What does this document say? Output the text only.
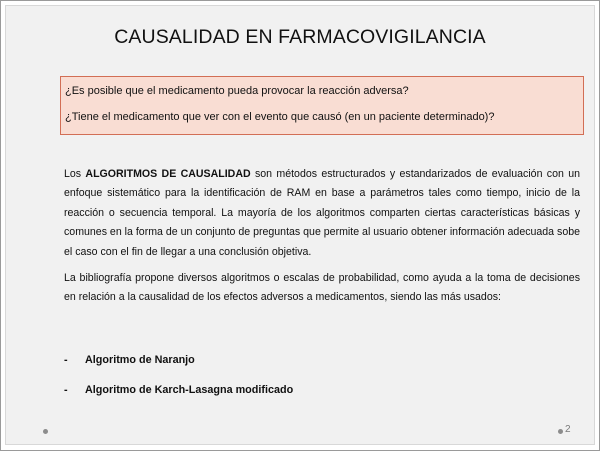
CAUSALIDAD EN FARMACOVIGILANCIA
¿Es posible que el medicamento pueda provocar la reacción adversa?
¿Tiene el medicamento que ver con el evento que causó (en un paciente determinado)?

Los ALGORITMOS DE CAUSALIDAD son métodos estructurados y estandarizados de evaluación con un enfoque sistemático para la identificación de RAM en base a parámetros tales como tiempo, inicio de la reacción o secuencia temporal. La mayoría de los algoritmos comparten ciertas características básicas y comunes en la forma de un conjunto de preguntas que permite al usuario obtener información adecuada sobe el caso con el fin de llegar a una conclusión objetiva.

La bibliografía propone diversos algoritmos o escalas de probabilidad, como ayuda a la toma de decisiones en relación a la causalidad de los efectos adversos a medicamentos, siendo las más usados:

- Algoritmo de Naranjo
- Algoritmo de Karch-Lasagna modificado
2
